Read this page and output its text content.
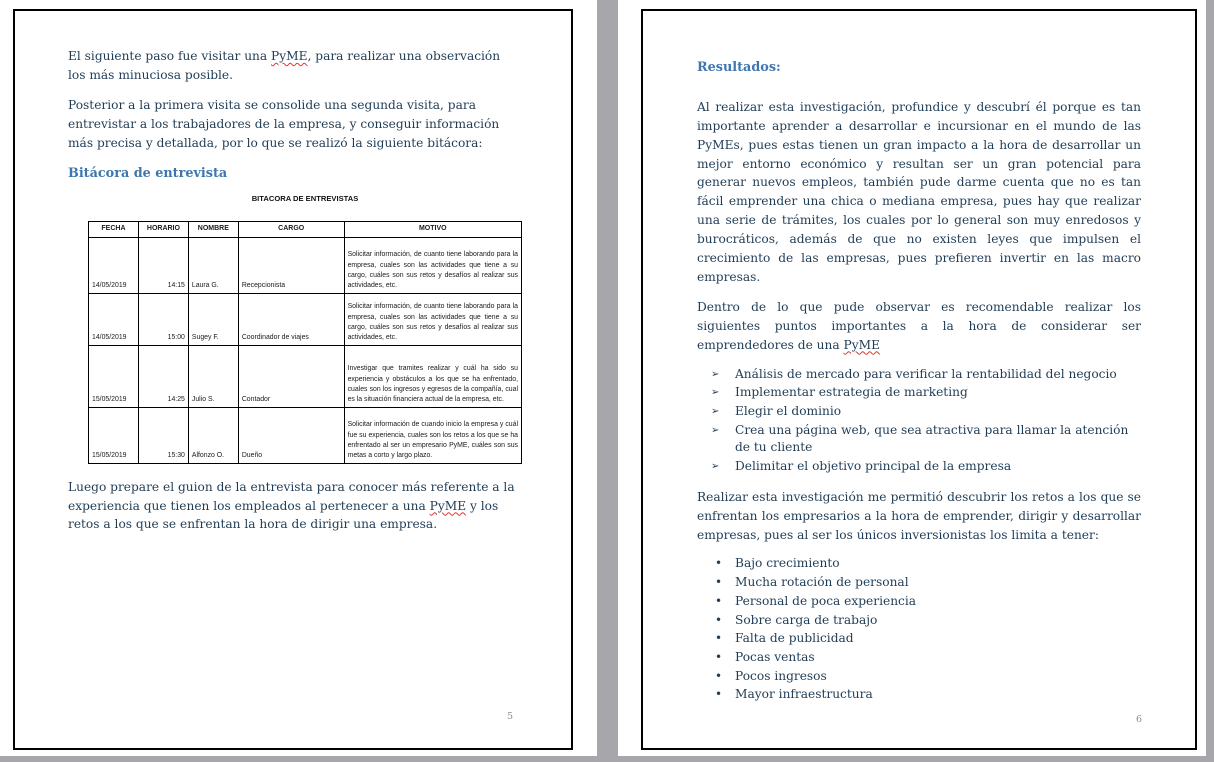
El siguiente paso fue visitar una PyME, para realizar una observación los más minuciosa posible.

Posterior a la primera visita se consolide una segunda visita, para entrevistar a los trabajadores de la empresa, y conseguir información más precisa y detallada, por lo que se realizó la siguiente bitácora:

Bitácora de entrevista
BITACORA DE ENTREVISTAS
FECHA	HORARIO	NOMBRE	CARGO	MOTIVO
14/05/2019	14:15	Laura G.	Recepcionista	Solicitar información, de cuanto tiene laborando para la empresa, cuales son las actividades que tiene a su cargo, cuáles son sus retos y desafíos al realizar sus actividades, etc.
14/05/2019	15:00	Sugey F.	Coordinador de viajes	Solicitar información, de cuanto tiene laborando para la empresa, cuales son las actividades que tiene a su cargo, cuáles son sus retos y desafíos al realizar sus actividades, etc.
15/05/2019	14:25	Julio S.	Contador	Investigar que tramites realizar y cuál ha sido su experiencia y obstáculos a los que se ha enfrentado, cuales son los ingresos y egresos de la compañía, cual es la situación financiera actual de la empresa, etc.
15/05/2019	15:30	Alfonzo O.	Dueño	Solicitar información de cuando inicio la empresa y cuál fue su experiencia, cuales son los retos a los que se ha enfrentado al ser un empresario PyME, cuáles son sus metas a corto y largo plazo.

Luego prepare el guion de la entrevista para conocer más referente a la experiencia que tienen los empleados al pertenecer a una PyME y los retos a los que se enfrentan la hora de dirigir una empresa.

5
Resultados:

Al realizar esta investigación, profundice y descubrí él porque es tan importante aprender a desarrollar e incursionar en el mundo de las PyMEs, pues estas tienen un gran impacto a la hora de desarrollar un mejor entorno económico y resultan ser un gran potencial para generar nuevos empleos, también pude darme cuenta que no es tan fácil emprender una chica o mediana empresa, pues hay que realizar una serie de trámites, los cuales por lo general son muy enredosos y burocráticos, además de que no existen leyes que impulsen el crecimiento de las empresas, pues prefieren invertir en las macro empresas.

Dentro de lo que pude observar es recomendable realizar los siguientes puntos importantes a la hora de considerar ser emprendedores de una PyME

➢	Análisis de mercado para verificar la rentabilidad del negocio
➢	Implementar estrategia de marketing
➢	Elegir el dominio
➢	Crea una página web, que sea atractiva para llamar la atención de tu cliente
➢	Delimitar el objetivo principal de la empresa

Realizar esta investigación me permitió descubrir los retos a los que se enfrentan los empresarios a la hora de emprender, dirigir y desarrollar empresas, pues al ser los únicos inversionistas los limita a tener:

•	Bajo crecimiento
•	Mucha rotación de personal
•	Personal de poca experiencia
•	Sobre carga de trabajo
•	Falta de publicidad
•	Pocas ventas
•	Pocos ingresos
•	Mayor infraestructura
6
